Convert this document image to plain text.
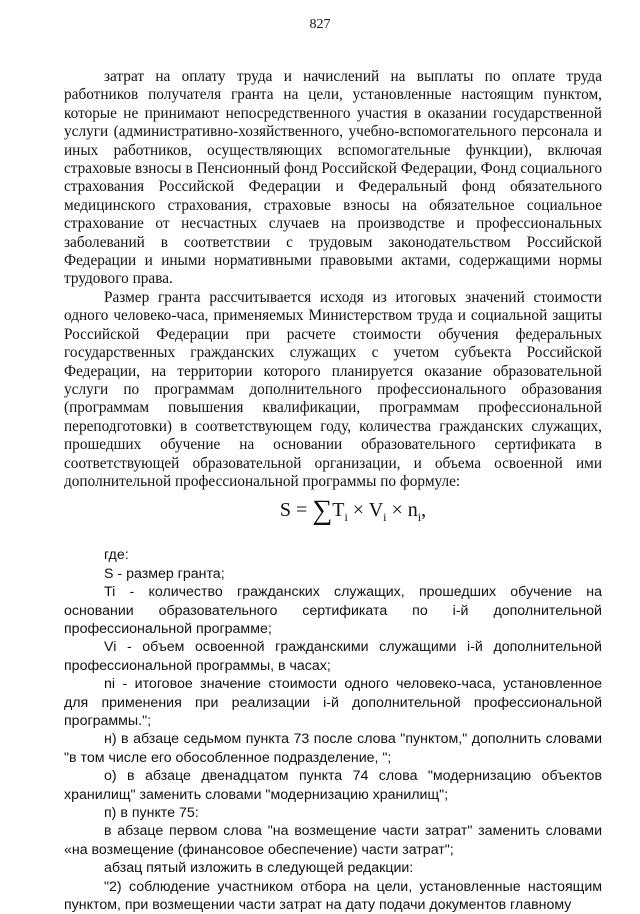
827

затрат на оплату труда и начислений на выплаты по оплате труда работников получателя гранта на цели, установленные настоящим пунктом, которые не принимают непосредственного участия в оказании государственной услуги (административно-хозяйственного, учебно-вспомогательного персонала и иных работников, осуществляющих вспомогательные функции), включая страховые взносы в Пенсионный фонд Российской Федерации, Фонд социального страхования Российской Федерации и Федеральный фонд обязательного медицинского страхования, страховые взносы на обязательное социальное страхование от несчастных случаев на производстве и профессиональных заболеваний в соответствии с трудовым законодательством Российской Федерации и иными нормативными правовыми актами, содержащими нормы трудового права.

Размер гранта рассчитывается исходя из итоговых значений стоимости одного человеко-часа, применяемых Министерством труда и социальной защиты Российской Федерации при расчете стоимости обучения федеральных государственных гражданских служащих с учетом субъекта Российской Федерации, на территории которого планируется оказание образовательной услуги по программам дополнительного профессионального образования (программам повышения квалификации, программам профессиональной переподготовки) в соответствующем году, количества гражданских служащих, прошедших обучение на основании образовательного сертификата в соответствующей образовательной организации, и объема освоенной ими дополнительной профессиональной программы по формуле:

$S = \sum T_i \times V_i \times n_i$,

где:

S - размер гранта;

Ti - количество гражданских служащих, прошедших обучение на основании образовательного сертификата по i-й дополнительной профессиональной программе;

Vi - объем освоенной гражданскими служащими i-й дополнительной профессиональной программы, в часах;

ni - итоговое значение стоимости одного человеко-часа, установленное для применения при реализации i-й дополнительной профессиональной программы.";

н) в абзаце седьмом пункта 73 после слова "пунктом," дополнить словами "в том числе его обособленное подразделение, ";

о) в абзаце двенадцатом пункта 74 слова "модернизацию объектов хранилищ" заменить словами "модернизацию хранилищ";

п) в пункте 75:

в абзаце первом слова "на возмещение части затрат" заменить словами «на возмещение (финансовое обеспечение) части затрат";

абзац пятый изложить в следующей редакции:

"2) соблюдение участником отбора на цели, установленные настоящим пунктом, при возмещении части затрат на дату подачи документов главному
